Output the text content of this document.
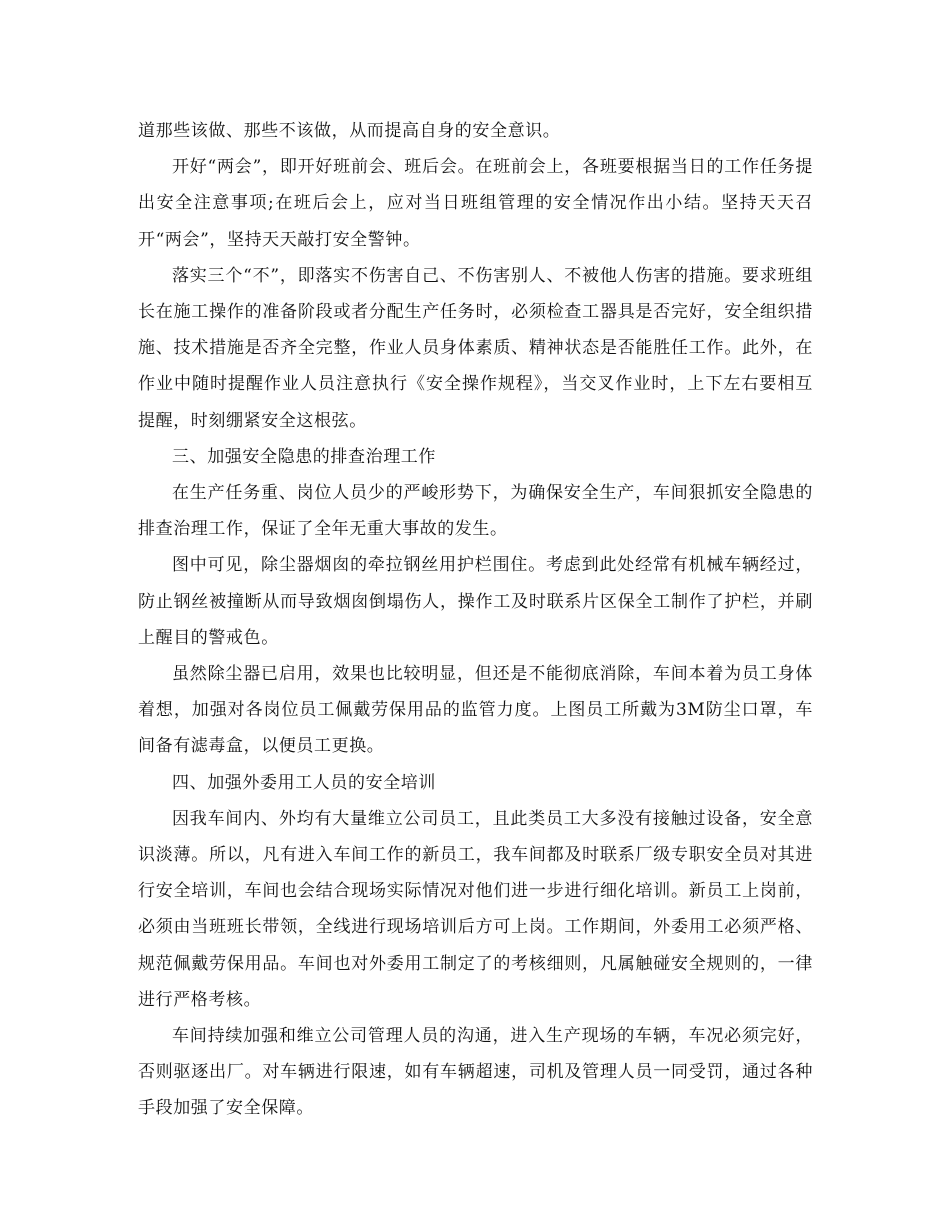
道那些该做、那些不该做，从而提高自身的安全意识。

开好“两会”，即开好班前会、班后会。在班前会上，各班要根据当日的工作任务提出安全注意事项;在班后会上，应对当日班组管理的安全情况作出小结。坚持天天召开“两会”，坚持天天敲打安全警钟。

落实三个“不”，即落实不伤害自己、不伤害别人、不被他人伤害的措施。要求班组长在施工操作的准备阶段或者分配生产任务时，必须检查工器具是否完好，安全组织措施、技术措施是否齐全完整，作业人员身体素质、精神状态是否能胜任工作。此外，在作业中随时提醒作业人员注意执行《安全操作规程》，当交叉作业时，上下左右要相互提醒，时刻绷紧安全这根弦。

三、加强安全隐患的排查治理工作

在生产任务重、岗位人员少的严峻形势下，为确保安全生产，车间狠抓安全隐患的排查治理工作，保证了全年无重大事故的发生。

图中可见，除尘器烟囱的牵拉钢丝用护栏围住。考虑到此处经常有机械车辆经过，防止钢丝被撞断从而导致烟囱倒塌伤人，操作工及时联系片区保全工制作了护栏，并刷上醒目的警戒色。

虽然除尘器已启用，效果也比较明显，但还是不能彻底消除，车间本着为员工身体着想，加强对各岗位员工佩戴劳保用品的监管力度。上图员工所戴为3M防尘口罩，车间备有滤毒盒，以便员工更换。

四、加强外委用工人员的安全培训

因我车间内、外均有大量维立公司员工，且此类员工大多没有接触过设备，安全意识淡薄。所以，凡有进入车间工作的新员工，我车间都及时联系厂级专职安全员对其进行安全培训，车间也会结合现场实际情况对他们进一步进行细化培训。新员工上岗前，必须由当班班长带领，全线进行现场培训后方可上岗。工作期间，外委用工必须严格、规范佩戴劳保用品。车间也对外委用工制定了的考核细则，凡属触碰安全规则的，一律进行严格考核。

车间持续加强和维立公司管理人员的沟通，进入生产现场的车辆，车况必须完好，否则驱逐出厂。对车辆进行限速，如有车辆超速，司机及管理人员一同受罚，通过各种手段加强了安全保障。
